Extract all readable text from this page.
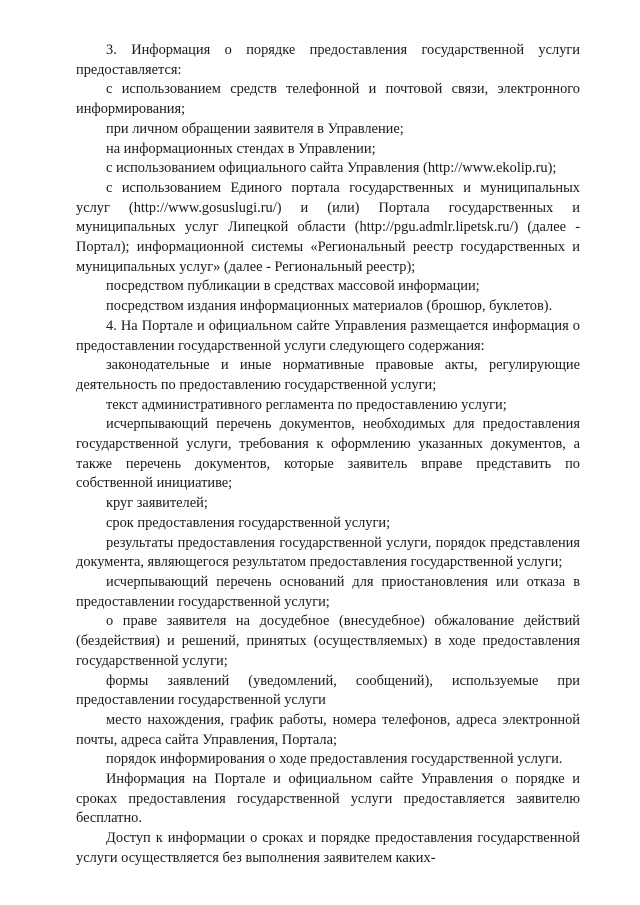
3. Информация о порядке предоставления государственной услуги предоставляется:

с использованием средств телефонной и почтовой связи, электронного информирования;

при личном обращении заявителя в Управление;

на информационных стендах в Управлении;

с использованием официального сайта Управления (http://www.ekolip.ru);

с использованием Единого портала государственных и муниципальных услуг (http://www.gosuslugi.ru/) и (или) Портала государственных и муниципальных услуг Липецкой области (http://pgu.admlr.lipetsk.ru/) (далее - Портал); информационной системы «Региональный реестр государственных и муниципальных услуг» (далее - Региональный реестр);

посредством публикации в средствах массовой информации;

посредством издания информационных материалов (брошюр, буклетов).

4. На Портале и официальном сайте Управления размещается информация о предоставлении государственной услуги следующего содержания:

законодательные и иные нормативные правовые акты, регулирующие деятельность по предоставлению государственной услуги;

текст административного регламента по предоставлению услуги;

исчерпывающий перечень документов, необходимых для предоставления государственной услуги, требования к оформлению указанных документов, а также перечень документов, которые заявитель вправе представить по собственной инициативе;

круг заявителей;

срок предоставления государственной услуги;

результаты предоставления государственной услуги, порядок представления документа, являющегося результатом предоставления государственной услуги;

исчерпывающий перечень оснований для приостановления или отказа в предоставлении государственной услуги;

о праве заявителя на досудебное (внесудебное) обжалование действий (бездействия) и решений, принятых (осуществляемых) в ходе предоставления государственной услуги;

формы заявлений (уведомлений, сообщений), используемые при предоставлении государственной услуги

место нахождения, график работы, номера телефонов, адреса электронной почты, адреса сайта Управления, Портала;

порядок информирования о ходе предоставления государственной услуги.

Информация на Портале и официальном сайте Управления о порядке и сроках предоставления государственной услуги предоставляется заявителю бесплатно.

Доступ к информации о сроках и порядке предоставления государственной услуги осуществляется без выполнения заявителем каких-
